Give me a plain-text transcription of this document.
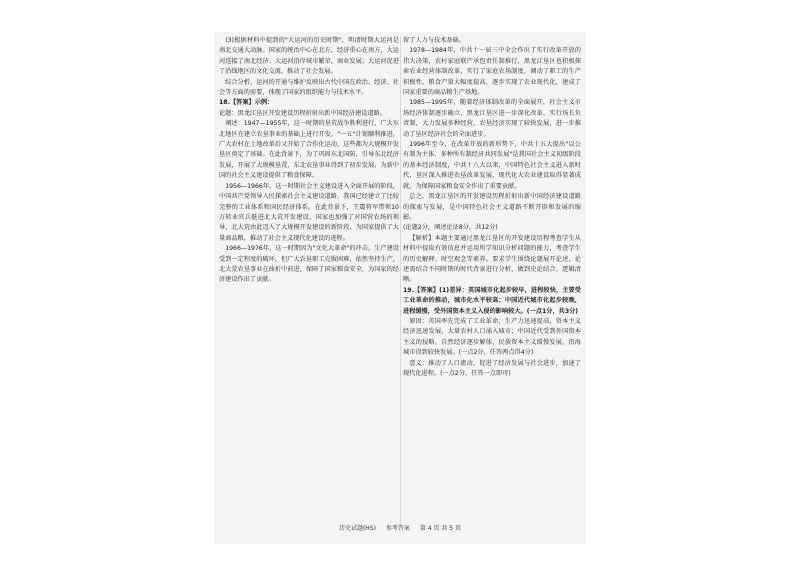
(3)根据材料中提到的"大运河的历史时期"，明清时期大运河是南北交通大动脉。国家的统治中心在北方，经济重心在南方，大运河连接了南北经济；大运河沿岸城市繁荣，商业发展；大运河促进了沿线地区的文化交流，推动了社会发展。

综合分析，运河的开通与维护反映出古代中国在政治、经济、社会等方面的需要，体现了国家的组织能力与技术水平。

18.【答案】示例：

论题：黑龙江垦区开发建设历程折射出新中国经济建设道路。

阐述：1947—1955年，这一时期的垦荒战争胜利进行，广大东北地区在建立农垦事业的基础上进行开发，"一五"计划顺利推进，广大农村在土地改革后又开始了合作化运动，这些都为大规模开发垦区奠定了基础。在此背景下，为了巩固东北国防，引导东北经济发展，开展了大规模垦荒，东北农垦事业得到了初步发展，为新中国的社会主义建设提供了粮食保障。

1956—1966年，这一时期社会主义建设进入全面开展的阶段，中国共产党领导人民探索社会主义建设道路，我国已经建立了比较完整的工业体系和国民经济体系。在此背景下，王震将军带领10万转业官兵挺进北大荒开发建设，国家也加强了对国营农场的领导，北大荒由此迈入了大规模开发建设的新阶段，为国家提供了大量商品粮，推动了社会主义现代化建设的进程。

1966—1976年，这一时期因为"文化大革命"的冲击，生产建设受到一定程度的破坏，但广大农垦职工克服困难，依然坚持生产，北大荒农垦事业在曲折中前进，保障了国家粮食安全，为国家的经济建设作出了贡献。

留了人力与技术基础。

1978—1984年，中共十一届三中全会作出了实行改革开放的伟大决策，农村家庭联产承包责任制推行，黑龙江垦区也积极探索农业经营体制改革，实行了家庭农场制度，调动了职工的生产积极性，粮食产量大幅度提高，逐步实现了农业现代化，建成了国家重要的商品粮生产基地。

1985—1995年，随着经济体制改革的全面展开，社会主义市场经济体制逐步确立，黑龙江垦区进一步深化改革，实行场长负责制，大力发展多种经营，农垦经济实现了较快发展，进一步推动了垦区经济社会的全面进步。

1996年至今，在改革开放的新形势下，中共十五大提出"以公有制为主体、多种所有制经济共同发展"是我国社会主义初级阶段的基本经济制度，中共十八大以来，中国特色社会主义进入新时代，垦区深入推进农垦改革发展，现代化大农业建设取得显著成就，为保障国家粮食安全作出了重要贡献。

总之，黑龙江垦区的开发建设历程折射出新中国经济建设道路的探索与发展，是中国特色社会主义道路不断开辟和发展的缩影。

(论题2分，阐述论证8分，共12分)

【解析】本题主要通过黑龙江垦区的开发建设历程考查学生从材料中提取有效信息并运用所学知识分析问题的能力，考查学生的历史解释、时空观念等素养。要求学生围绕论题展开论述，论述需结合不同时期的时代背景进行分析，做到史论结合、逻辑清晰。

19.【答案】(1)差异：英国城市化起步较早，进程较快，主要受工业革命的推动，城市化水平较高；中国近代城市化起步较晚，进程缓慢，受外国资本主义入侵的影响较大。(一点1分，共3分)

原因：英国率先完成了工业革命，生产力迅速提高，资本主义经济迅速发展，大量农村人口涌入城市；中国近代受到外国资本主义的侵略，自然经济逐步解体，民族资本主义缓慢发展，沿海城市得到较快发展。(一点2分，任答两点得4分)

意义：推动了人口流动，促进了经济发展与社会进步，加速了现代化进程。(一点2分，任答一点即可)

历史试题(HS) 参考答案 第 4 页 共 5 页
